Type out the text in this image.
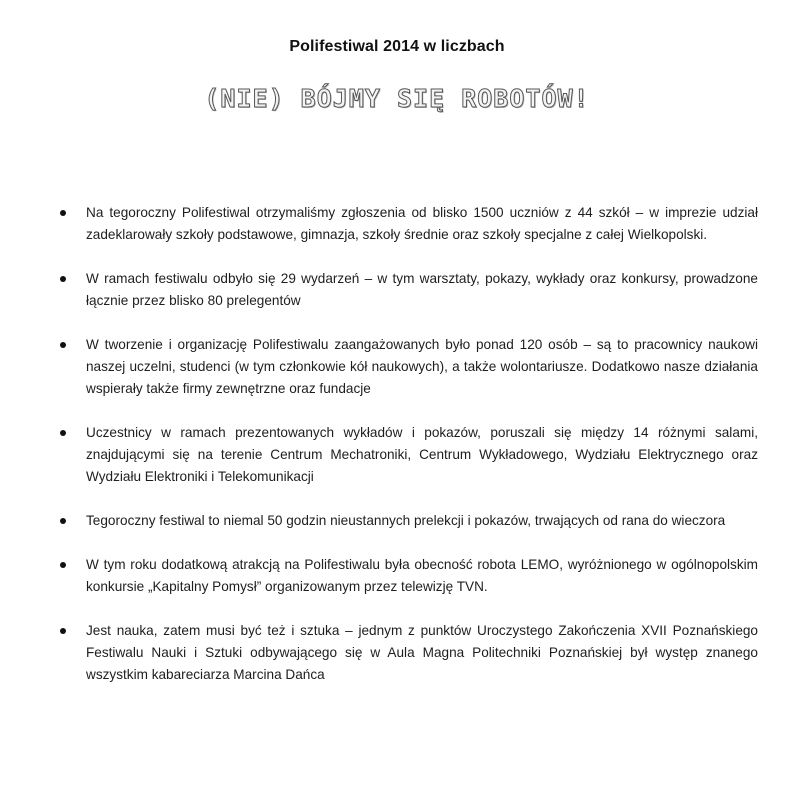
Polifestiwal 2014 w liczbach
(NIE) BÓJMY SIĘ ROBOTÓW!
Na tegoroczny Polifestiwal otrzymaliśmy zgłoszenia od blisko 1500 uczniów z 44 szkół – w imprezie udział zadeklarowały szkoły podstawowe, gimnazja, szkoły średnie oraz szkoły specjalne z całej Wielkopolski.
W ramach festiwalu odbyło się 29 wydarzeń – w tym warsztaty, pokazy, wykłady oraz konkursy, prowadzone łącznie przez blisko 80 prelegentów
W tworzenie i organizację Polifestiwalu zaangażowanych było ponad 120 osób – są to pracownicy naukowi naszej uczelni, studenci (w tym członkowie kół naukowych), a także wolontariusze. Dodatkowo nasze działania wspierały także firmy zewnętrzne oraz fundacje
Uczestnicy w ramach prezentowanych wykładów i pokazów, poruszali się między 14 różnymi salami, znajdującymi się na terenie Centrum Mechatroniki, Centrum Wykładowego, Wydziału Elektrycznego oraz Wydziału Elektroniki i Telekomunikacji
Tegoroczny festiwal to niemal 50 godzin nieustannych prelekcji i pokazów, trwających od rana do wieczora
W tym roku dodatkową atrakcją na Polifestiwalu była obecność robota LEMO, wyróżnionego w ogólnopolskim konkursie „Kapitalny Pomysł” organizowanym przez telewizję TVN.
Jest nauka, zatem musi być też i sztuka – jednym z punktów Uroczystego Zakończenia XVII Poznańskiego Festiwalu Nauki i Sztuki odbywającego się w Aula Magna Politechniki Poznańskiej był występ znanego wszystkim kabareciarza Marcina Dańca
